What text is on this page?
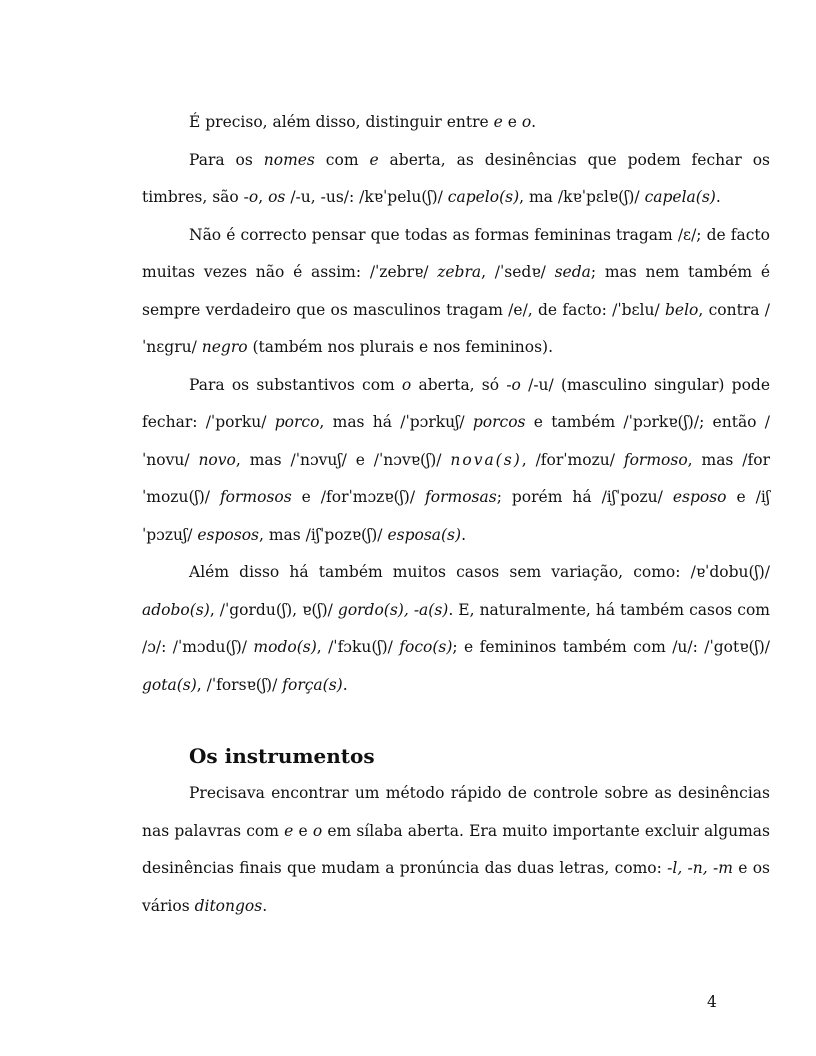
É preciso, além disso, distinguir entre e e o.

Para os nomes com e aberta, as desinências que podem fechar os timbres, são -o, os /-u, -us/: /kɐˈpelu(ʃ)/ capelo(s), ma /kɐˈpɛlɐ(ʃ)/ capela(s).

Não é correcto pensar que todas as formas femininas tragam /ɛ/; de facto muitas vezes não é assim: /ˈzebrɐ/ zebra, /ˈsedɐ/ seda; mas nem também é sempre verdadeiro que os masculinos tragam /e/, de facto: /ˈbɛlu/ belo, contra /ˈnɛgru/ negro (também nos plurais e nos femininos).

Para os substantivos com o aberta, só -o /-u/ (masculino singular) pode fechar: /ˈporku/ porco, mas há /ˈpɔrkuʃ/ porcos e também /ˈpɔrkɐ(ʃ)/; então /ˈnovu/ novo, mas /ˈnɔvuʃ/ e /ˈnɔvɐ(ʃ)/ nova(s), /forˈmozu/ formoso, mas /forˈmozu(ʃ)/ formosos e /forˈmɔzɐ(ʃ)/ formosas; porém há /iʃˈpozu/ esposo e /iʃˈpɔzuʃ/ esposos, mas /iʃˈpozɐ(ʃ)/ esposa(s).

Além disso há também muitos casos sem variação, como: /ɐˈdobu(ʃ)/ adobo(s), /ˈgordu(ʃ), ɐ(ʃ)/ gordo(s), -a(s). E, naturalmente, há também casos com /ɔ/: /ˈmɔdu(ʃ)/ modo(s), /ˈfɔku(ʃ)/ foco(s); e femininos também com /u/: /ˈgotɐ(ʃ)/ gota(s), /ˈforsɐ(ʃ)/ força(s).

Os instrumentos

Precisava encontrar um método rápido de controle sobre as desinências nas palavras com e e o em sílaba aberta. Era muito importante excluir algumas desinências finais que mudam a pronúncia das duas letras, como: -l, -n, -m e os vários ditongos.

4
